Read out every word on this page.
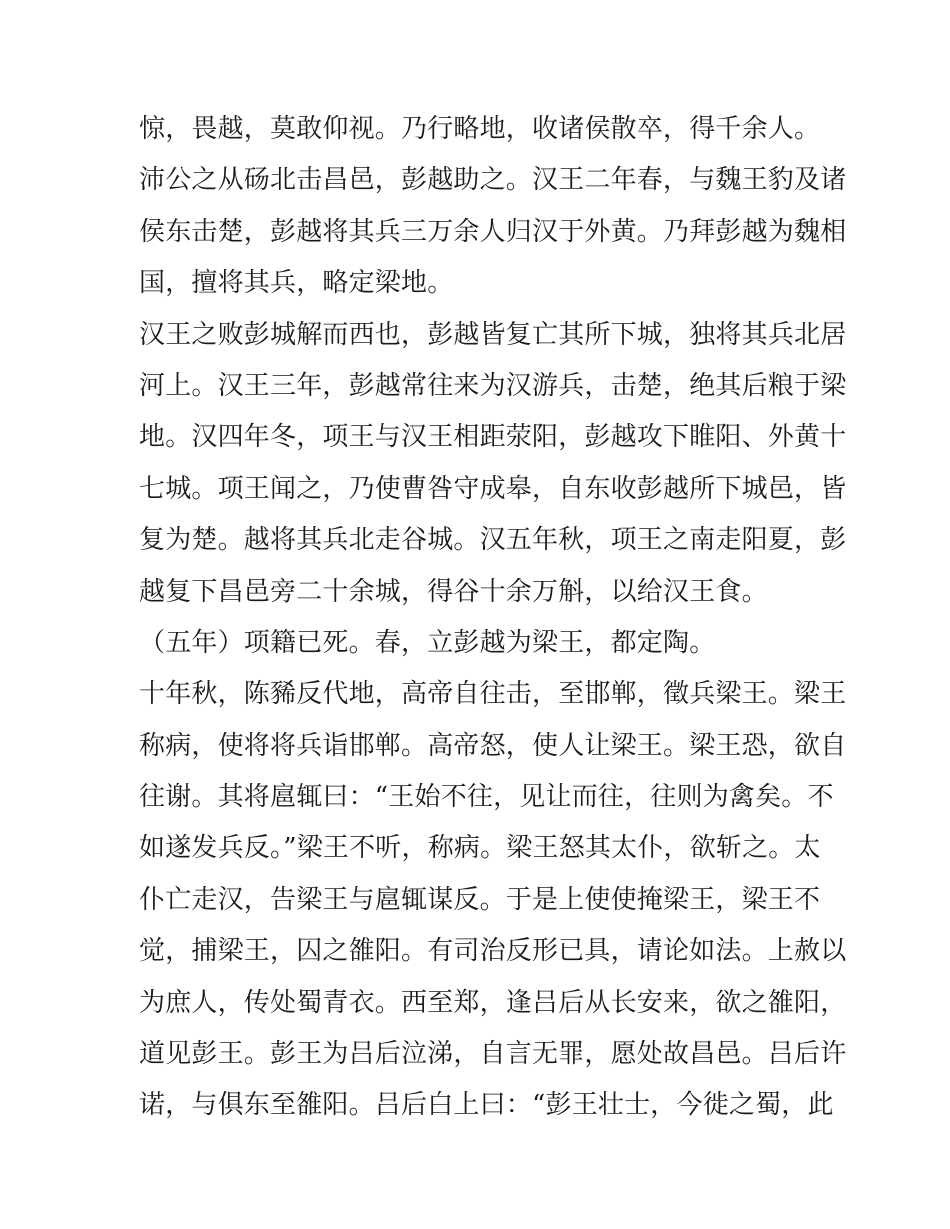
惊，畏越，莫敢仰视。乃行略地，收诸侯散卒，得千余人。
沛公之从砀北击昌邑，彭越助之。汉王二年春，与魏王豹及诸
侯东击楚，彭越将其兵三万余人归汉于外黄。乃拜彭越为魏相
国，擅将其兵，略定梁地。
汉王之败彭城解而西也，彭越皆复亡其所下城，独将其兵北居
河上。汉王三年，彭越常往来为汉游兵，击楚，绝其后粮于梁
地。汉四年冬，项王与汉王相距荥阳，彭越攻下睢阳、外黄十
七城。项王闻之，乃使曹咎守成皋，自东收彭越所下城邑，皆
复为楚。越将其兵北走谷城。汉五年秋，项王之南走阳夏，彭
越复下昌邑旁二十余城，得谷十余万斛，以给汉王食。
（五年）项籍已死。春，立彭越为梁王，都定陶。
十年秋，陈豨反代地，高帝自往击，至邯郸，徵兵梁王。梁王
称病，使将将兵诣邯郸。高帝怒，使人让梁王。梁王恐，欲自
往谢。其将扈辄曰：“王始不往，见让而往，往则为禽矣。不
如遂发兵反。”梁王不听，称病。梁王怒其太仆，欲斩之。太
仆亡走汉，告梁王与扈辄谋反。于是上使使掩梁王，梁王不
觉，捕梁王，囚之雒阳。有司治反形已具，请论如法。上赦以
为庶人，传处蜀青衣。西至郑，逢吕后从长安来，欲之雒阳，
道见彭王。彭王为吕后泣涕，自言无罪，愿处故昌邑。吕后许
诺，与俱东至雒阳。吕后白上曰：“彭王壮士，今徙之蜀，此
